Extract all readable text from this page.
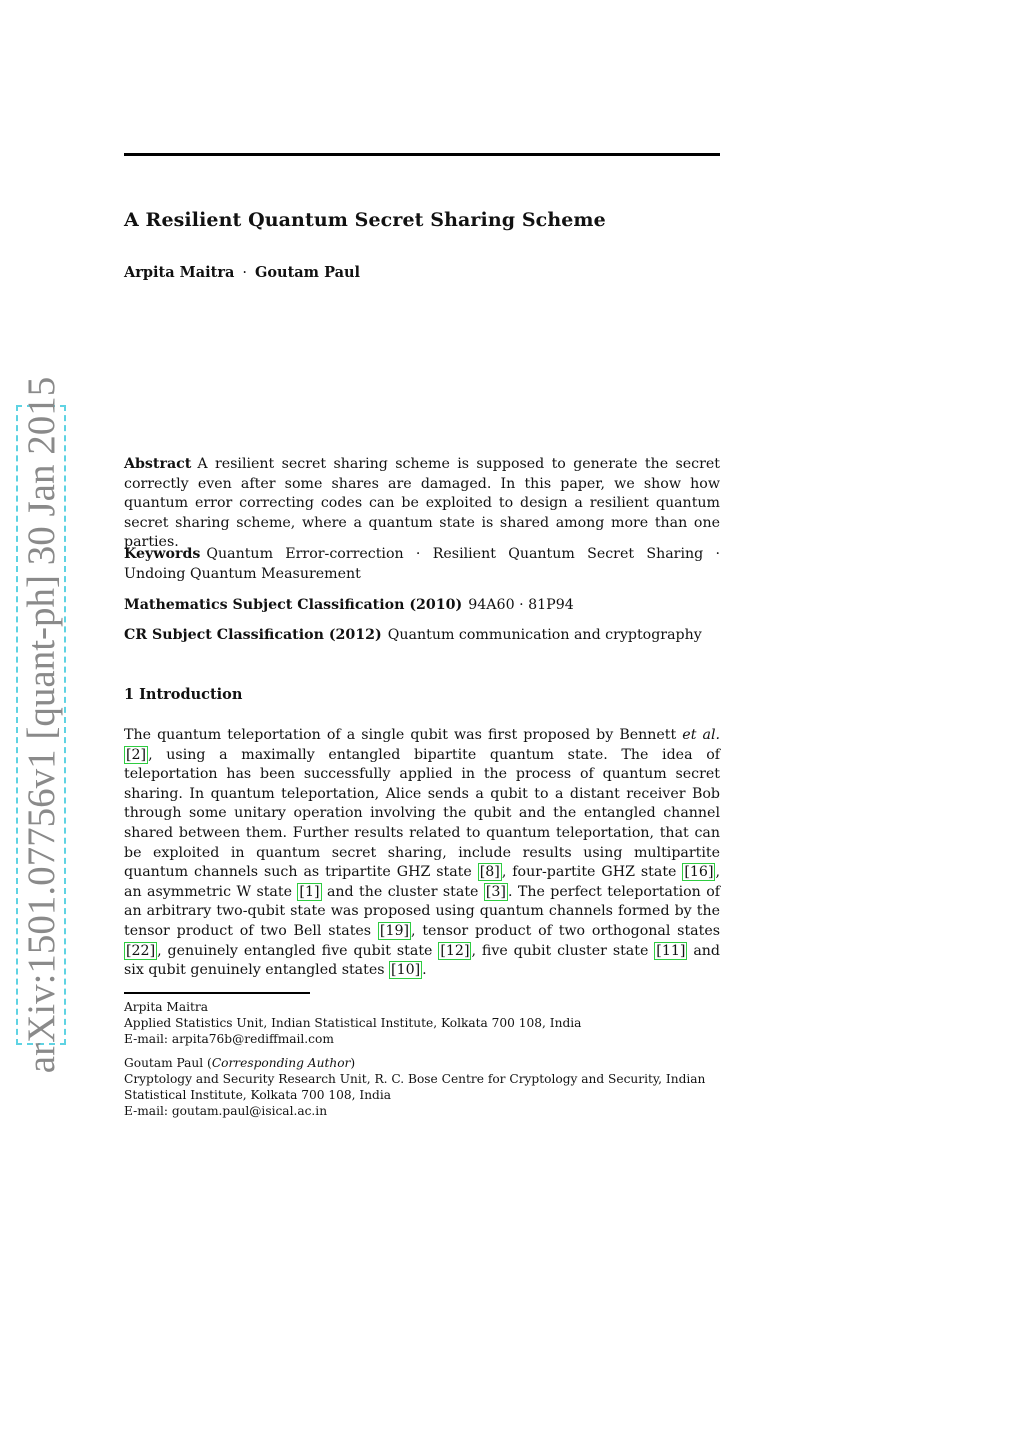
arXiv:1501.07756v1 [quant-ph] 30 Jan 2015
A Resilient Quantum Secret Sharing Scheme
Arpita Maitra · Goutam Paul
Abstract A resilient secret sharing scheme is supposed to generate the secret correctly even after some shares are damaged. In this paper, we show how quantum error correcting codes can be exploited to design a resilient quantum secret sharing scheme, where a quantum state is shared among more than one parties.
Keywords Quantum Error-correction · Resilient Quantum Secret Sharing · Undoing Quantum Measurement
Mathematics Subject Classification (2010) 94A60 · 81P94
CR Subject Classification (2012) Quantum communication and cryptography
1 Introduction
The quantum teleportation of a single qubit was first proposed by Bennett et al. [2] , using a maximally entangled bipartite quantum state. The idea of teleportation has been successfully applied in the process of quantum secret sharing. In quantum teleportation, Alice sends a qubit to a distant receiver Bob through some unitary operation involving the qubit and the entangled channel shared between them. Further results related to quantum teleportation, that can be exploited in quantum secret sharing, include results using multipartite quantum channels such as tripartite GHZ state [8] , four-partite GHZ state [16] , an asymmetric W state [1] and the cluster state [3] . The perfect teleportation of an arbitrary two-qubit state was proposed using quantum channels formed by the tensor product of two Bell states [19] , tensor product of two orthogonal states [22] , genuinely entangled five qubit state [12] , five qubit cluster state [11] and six qubit genuinely entangled states [10] .

Arpita Maitra

Applied Statistics Unit, Indian Statistical Institute, Kolkata 700 108, India

E-mail: arpita76b@rediffmail.com

Goutam Paul (Corresponding Author)

Cryptology and Security Research Unit, R. C. Bose Centre for Cryptology and Security, Indian Statistical Institute, Kolkata 700 108, India

E-mail: goutam.paul@isical.ac.in
